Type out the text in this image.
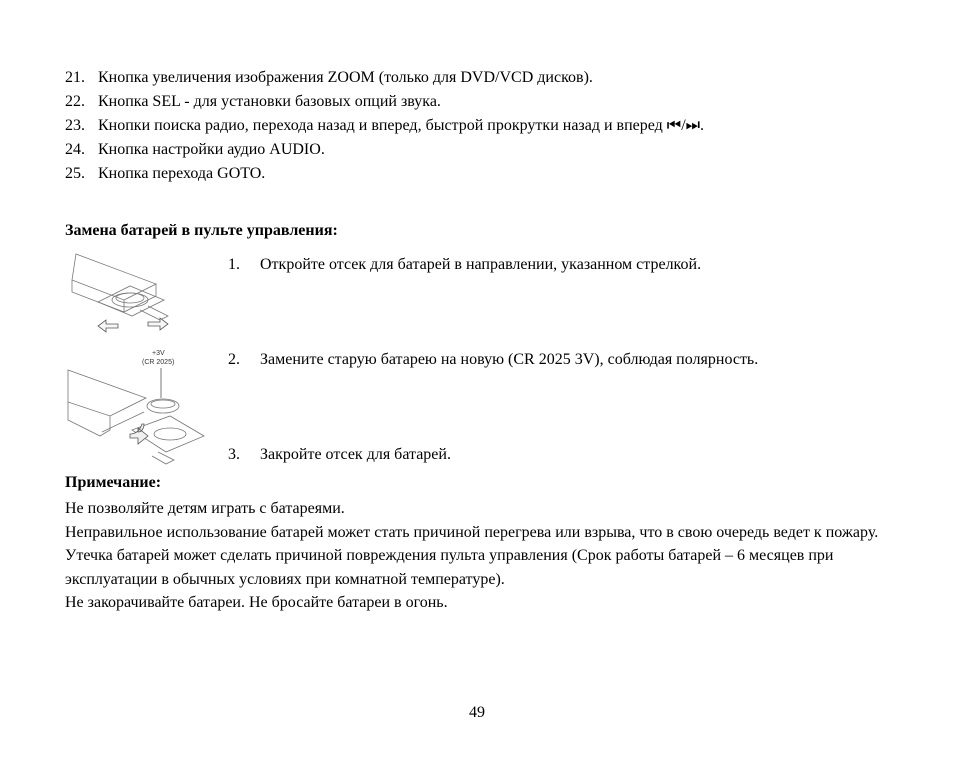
21. Кнопка увеличения изображения ZOOM (только для DVD/VCD дисков).
22. Кнопка SEL - для установки базовых опций звука.
23. Кнопки поиска радио, перехода назад и вперед, быстрой прокрутки назад и вперед ⏮/⏭.
24. Кнопка настройки аудио AUDIO.
25. Кнопка перехода GOTO.
Замена батарей в пульте управления:
1. Откройте отсек для батарей в направлении, указанном стрелкой.
+3V
(CR 2025)	2. Замените старую батарею на новую (CR 2025 3V), соблюдая полярность.
3. Закройте отсек для батарей.
Примечание:

Не позволяйте детям играть с батареями.

Неправильное использование батарей может стать причиной перегрева или взрыва, что в свою очередь ведет к пожару.

Утечка батарей может сделать причиной повреждения пульта управления (Срок работы батарей – 6 месяцев при эксплуатации в обычных условиях при комнатной температуре).

Не закорачивайте батареи. Не бросайте батареи в огонь.

49
